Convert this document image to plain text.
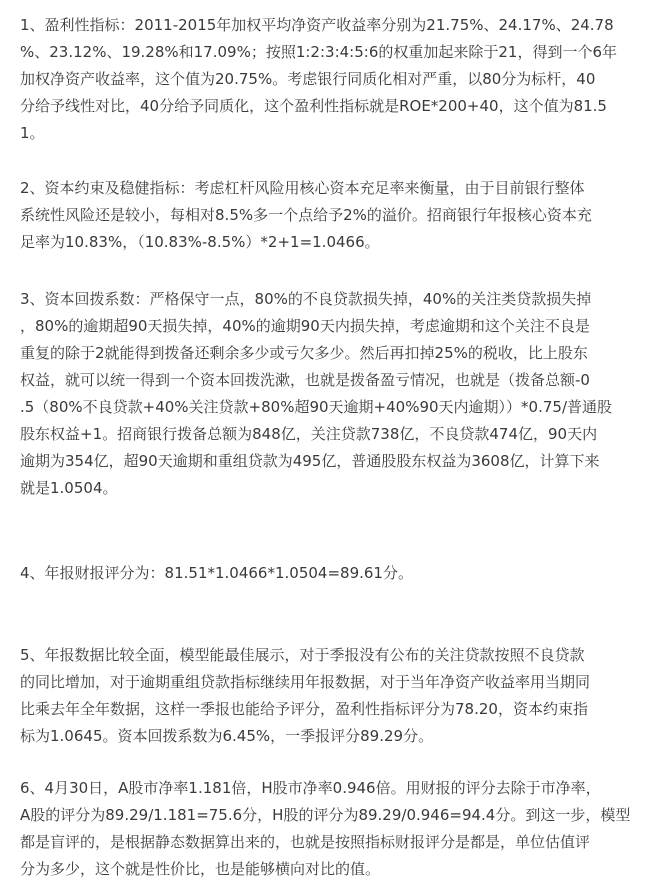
1、盈利性指标：2011-2015年加权平均净资产收益率分别为21.75%、24.17%、24.78
%、23.12%、19.28%和17.09%；按照1:2:3:4:5:6的权重加起来除于21，得到一个6年
加权净资产收益率，这个值为20.75%。考虑银行同质化相对严重，以80分为标杆，40
分给予线性对比，40分给予同质化，这个盈利性指标就是ROE*200+40，这个值为81.5
1。
2、资本约束及稳健指标：考虑杠杆风险用核心资本充足率来衡量，由于目前银行整体
系统性风险还是较小，每相对8.5%多一个点给予2%的溢价。招商银行年报核心资本充
足率为10.83%，（10.83%-8.5%）*2+1=1.0466。
3、资本回拨系数：严格保守一点，80%的不良贷款损失掉，40%的关注类贷款损失掉
，80%的逾期超90天损失掉，40%的逾期90天内损失掉，考虑逾期和这个关注不良是
重复的除于2就能得到拨备还剩余多少或亏欠多少。然后再扣掉25%的税收，比上股东
权益，就可以统一得到一个资本回拨洗漱，也就是拨备盈亏情况，也就是（拨备总额-0
.5（80%不良贷款+40%关注贷款+80%超90天逾期+40%90天内逾期））*0.75/普通股
股东权益+1。招商银行拨备总额为848亿，关注贷款738亿，不良贷款474亿，90天内
逾期为354亿，超90天逾期和重组贷款为495亿，普通股股东权益为3608亿，计算下来
就是1.0504。
4、年报财报评分为：81.51*1.0466*1.0504=89.61分。
5、年报数据比较全面，模型能最佳展示，对于季报没有公布的关注贷款按照不良贷款
的同比增加，对于逾期重组贷款指标继续用年报数据，对于当年净资产收益率用当期同
比乘去年全年数据，这样一季报也能给予评分，盈利性指标评分为78.20，资本约束指
标为1.0645。资本回拨系数为6.45%，一季报评分89.29分。
6、4月30日，A股市净率1.181倍，H股市净率0.946倍。用财报的评分去除于市净率，
A股的评分为89.29/1.181=75.6分，H股的评分为89.29/0.946=94.4分。到这一步，模型
都是盲评的，是根据静态数据算出来的，也就是按照指标财报评分是都是，单位估值评
分为多少，这个就是性价比，也是能够横向对比的值。
